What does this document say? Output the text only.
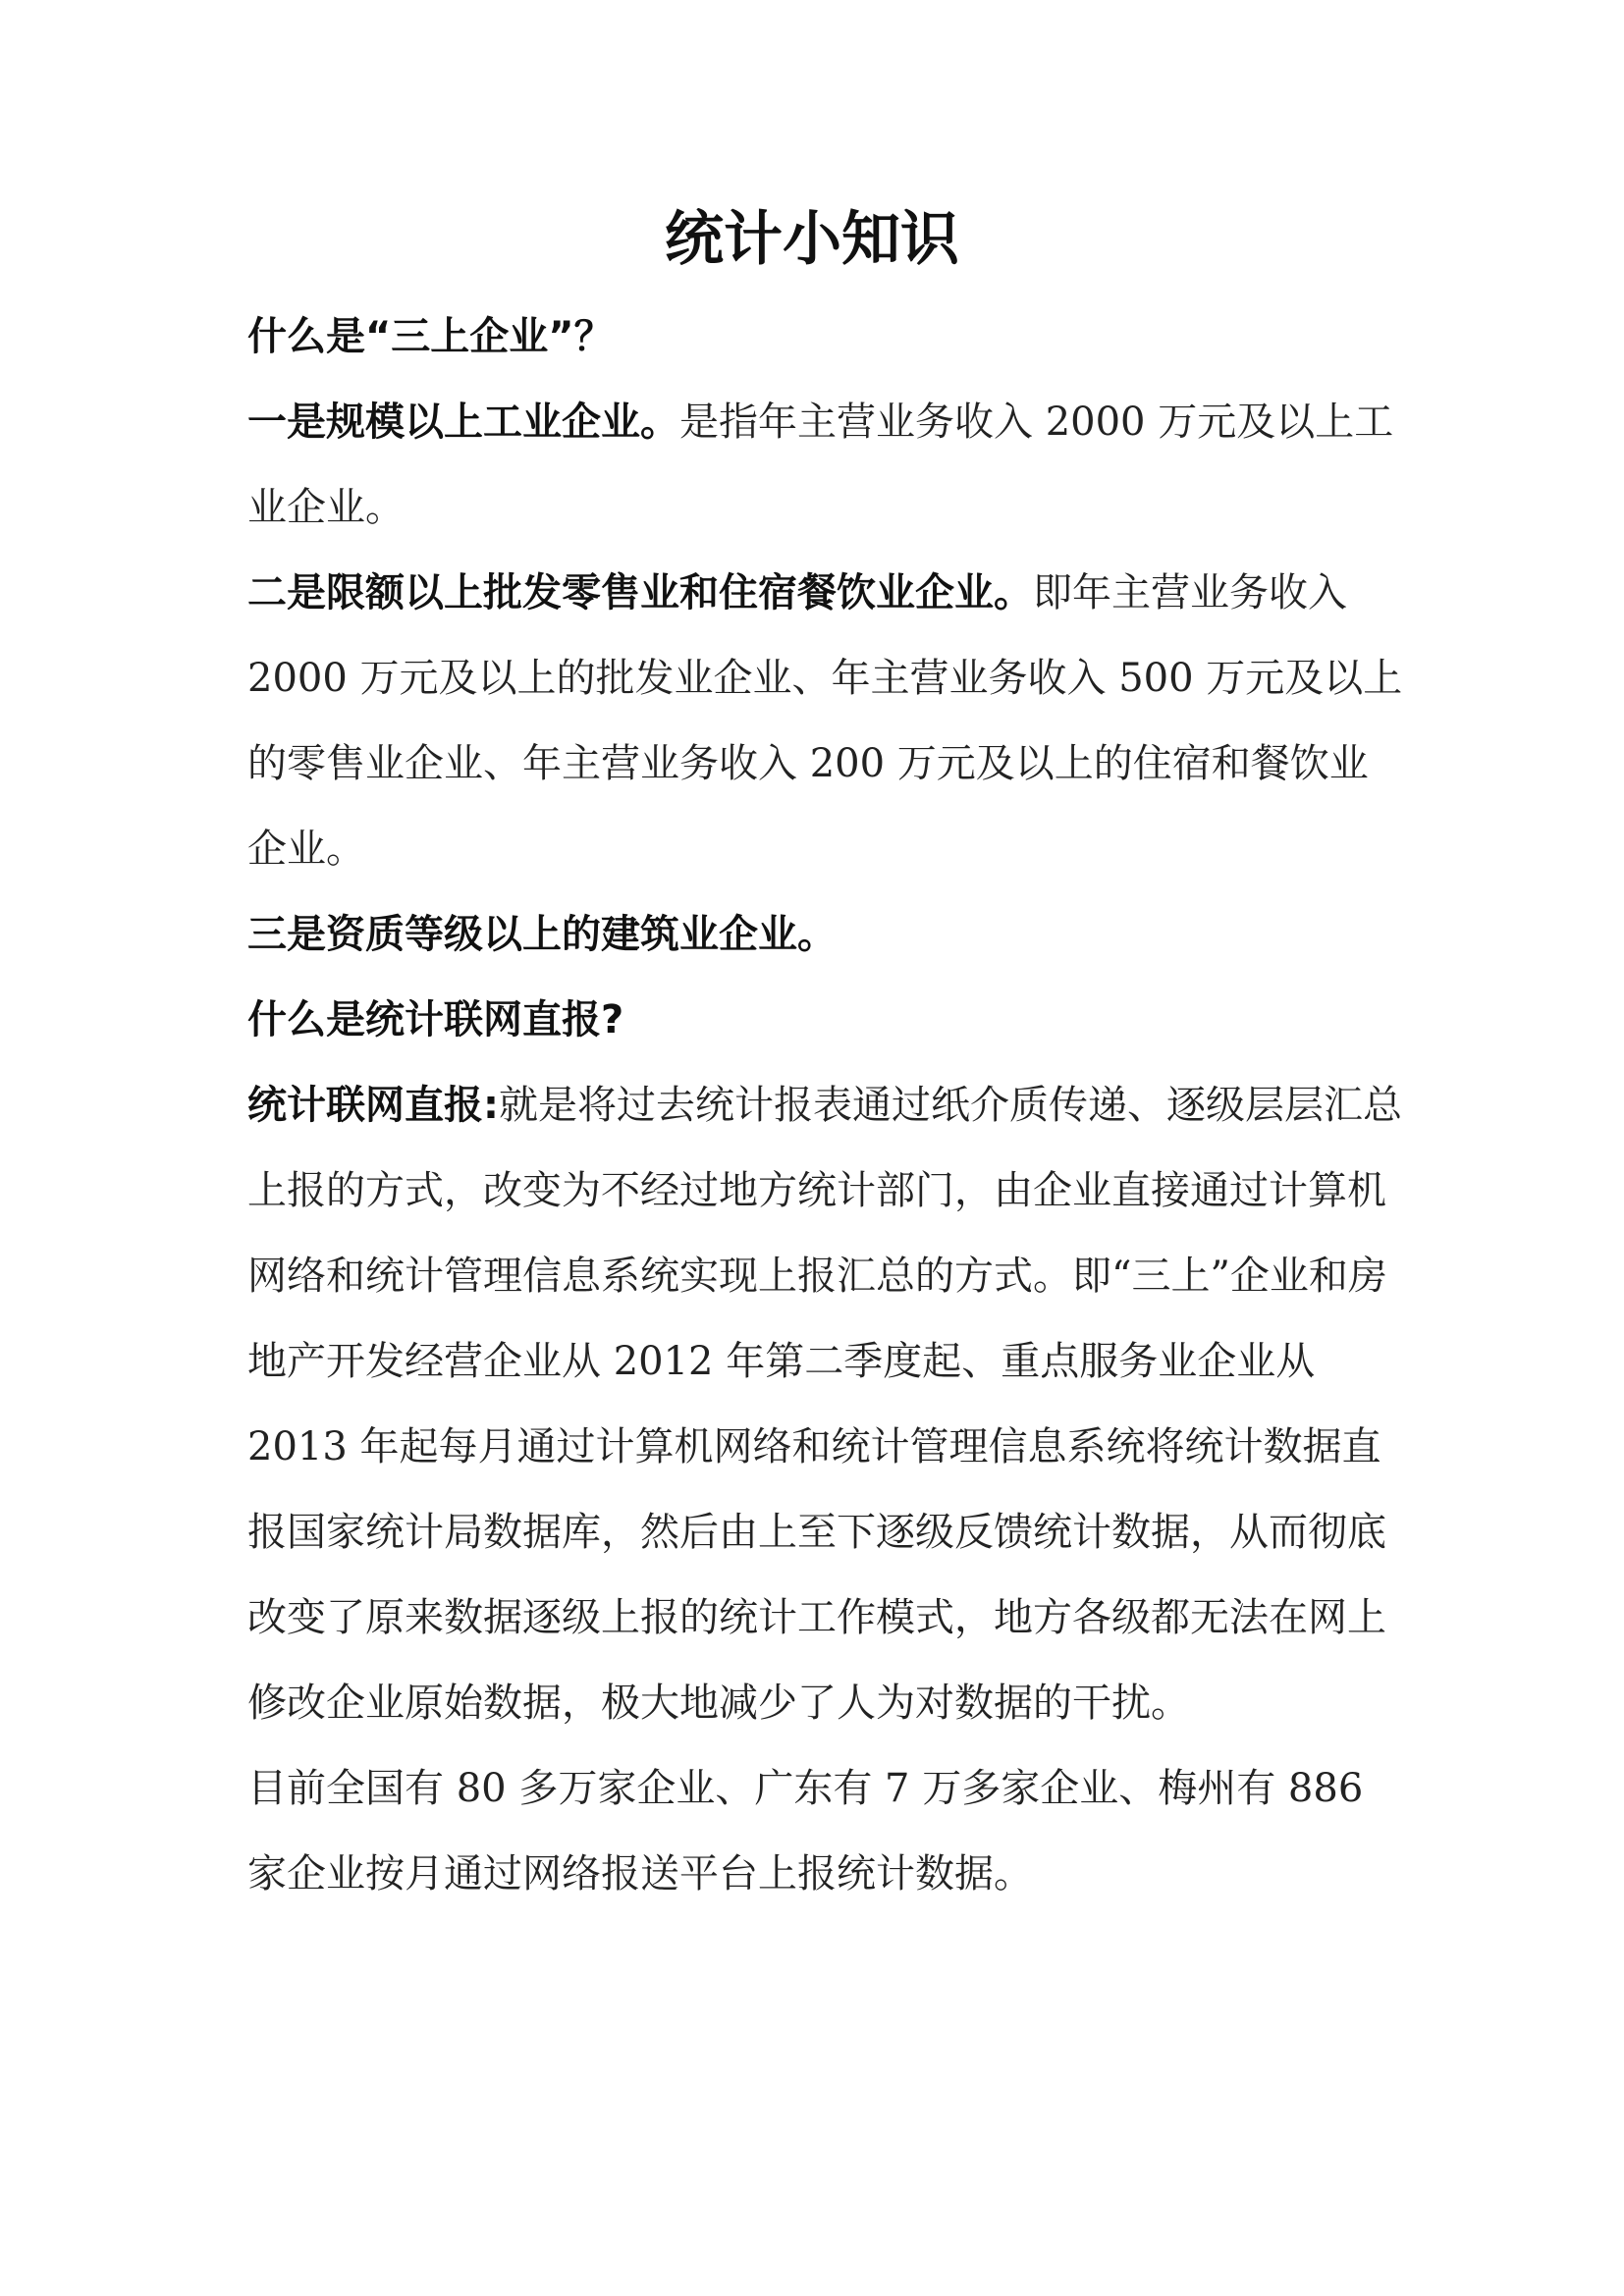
统计小知识

什么是“三上企业”？

一是规模以上工业企业。是指年主营业务收入 2000 万元及以上工业企业。

二是限额以上批发零售业和住宿餐饮业企业。即年主营业务收入 2000 万元及以上的批发业企业、年主营业务收入 500 万元及以上的零售业企业、年主营业务收入 200 万元及以上的住宿和餐饮业企业。

三是资质等级以上的建筑业企业。

什么是统计联网直报?

统计联网直报:就是将过去统计报表通过纸介质传递、逐级层层汇总上报的方式，改变为不经过地方统计部门，由企业直接通过计算机网络和统计管理信息系统实现上报汇总的方式。即“三上”企业和房地产开发经营企业从 2012 年第二季度起、重点服务业企业从 2013 年起每月通过计算机网络和统计管理信息系统将统计数据直报国家统计局数据库，然后由上至下逐级反馈统计数据，从而彻底改变了原来数据逐级上报的统计工作模式，地方各级都无法在网上修改企业原始数据，极大地减少了人为对数据的干扰。

目前全国有 80 多万家企业、广东有 7 万多家企业、梅州有 886 家企业按月通过网络报送平台上报统计数据。
